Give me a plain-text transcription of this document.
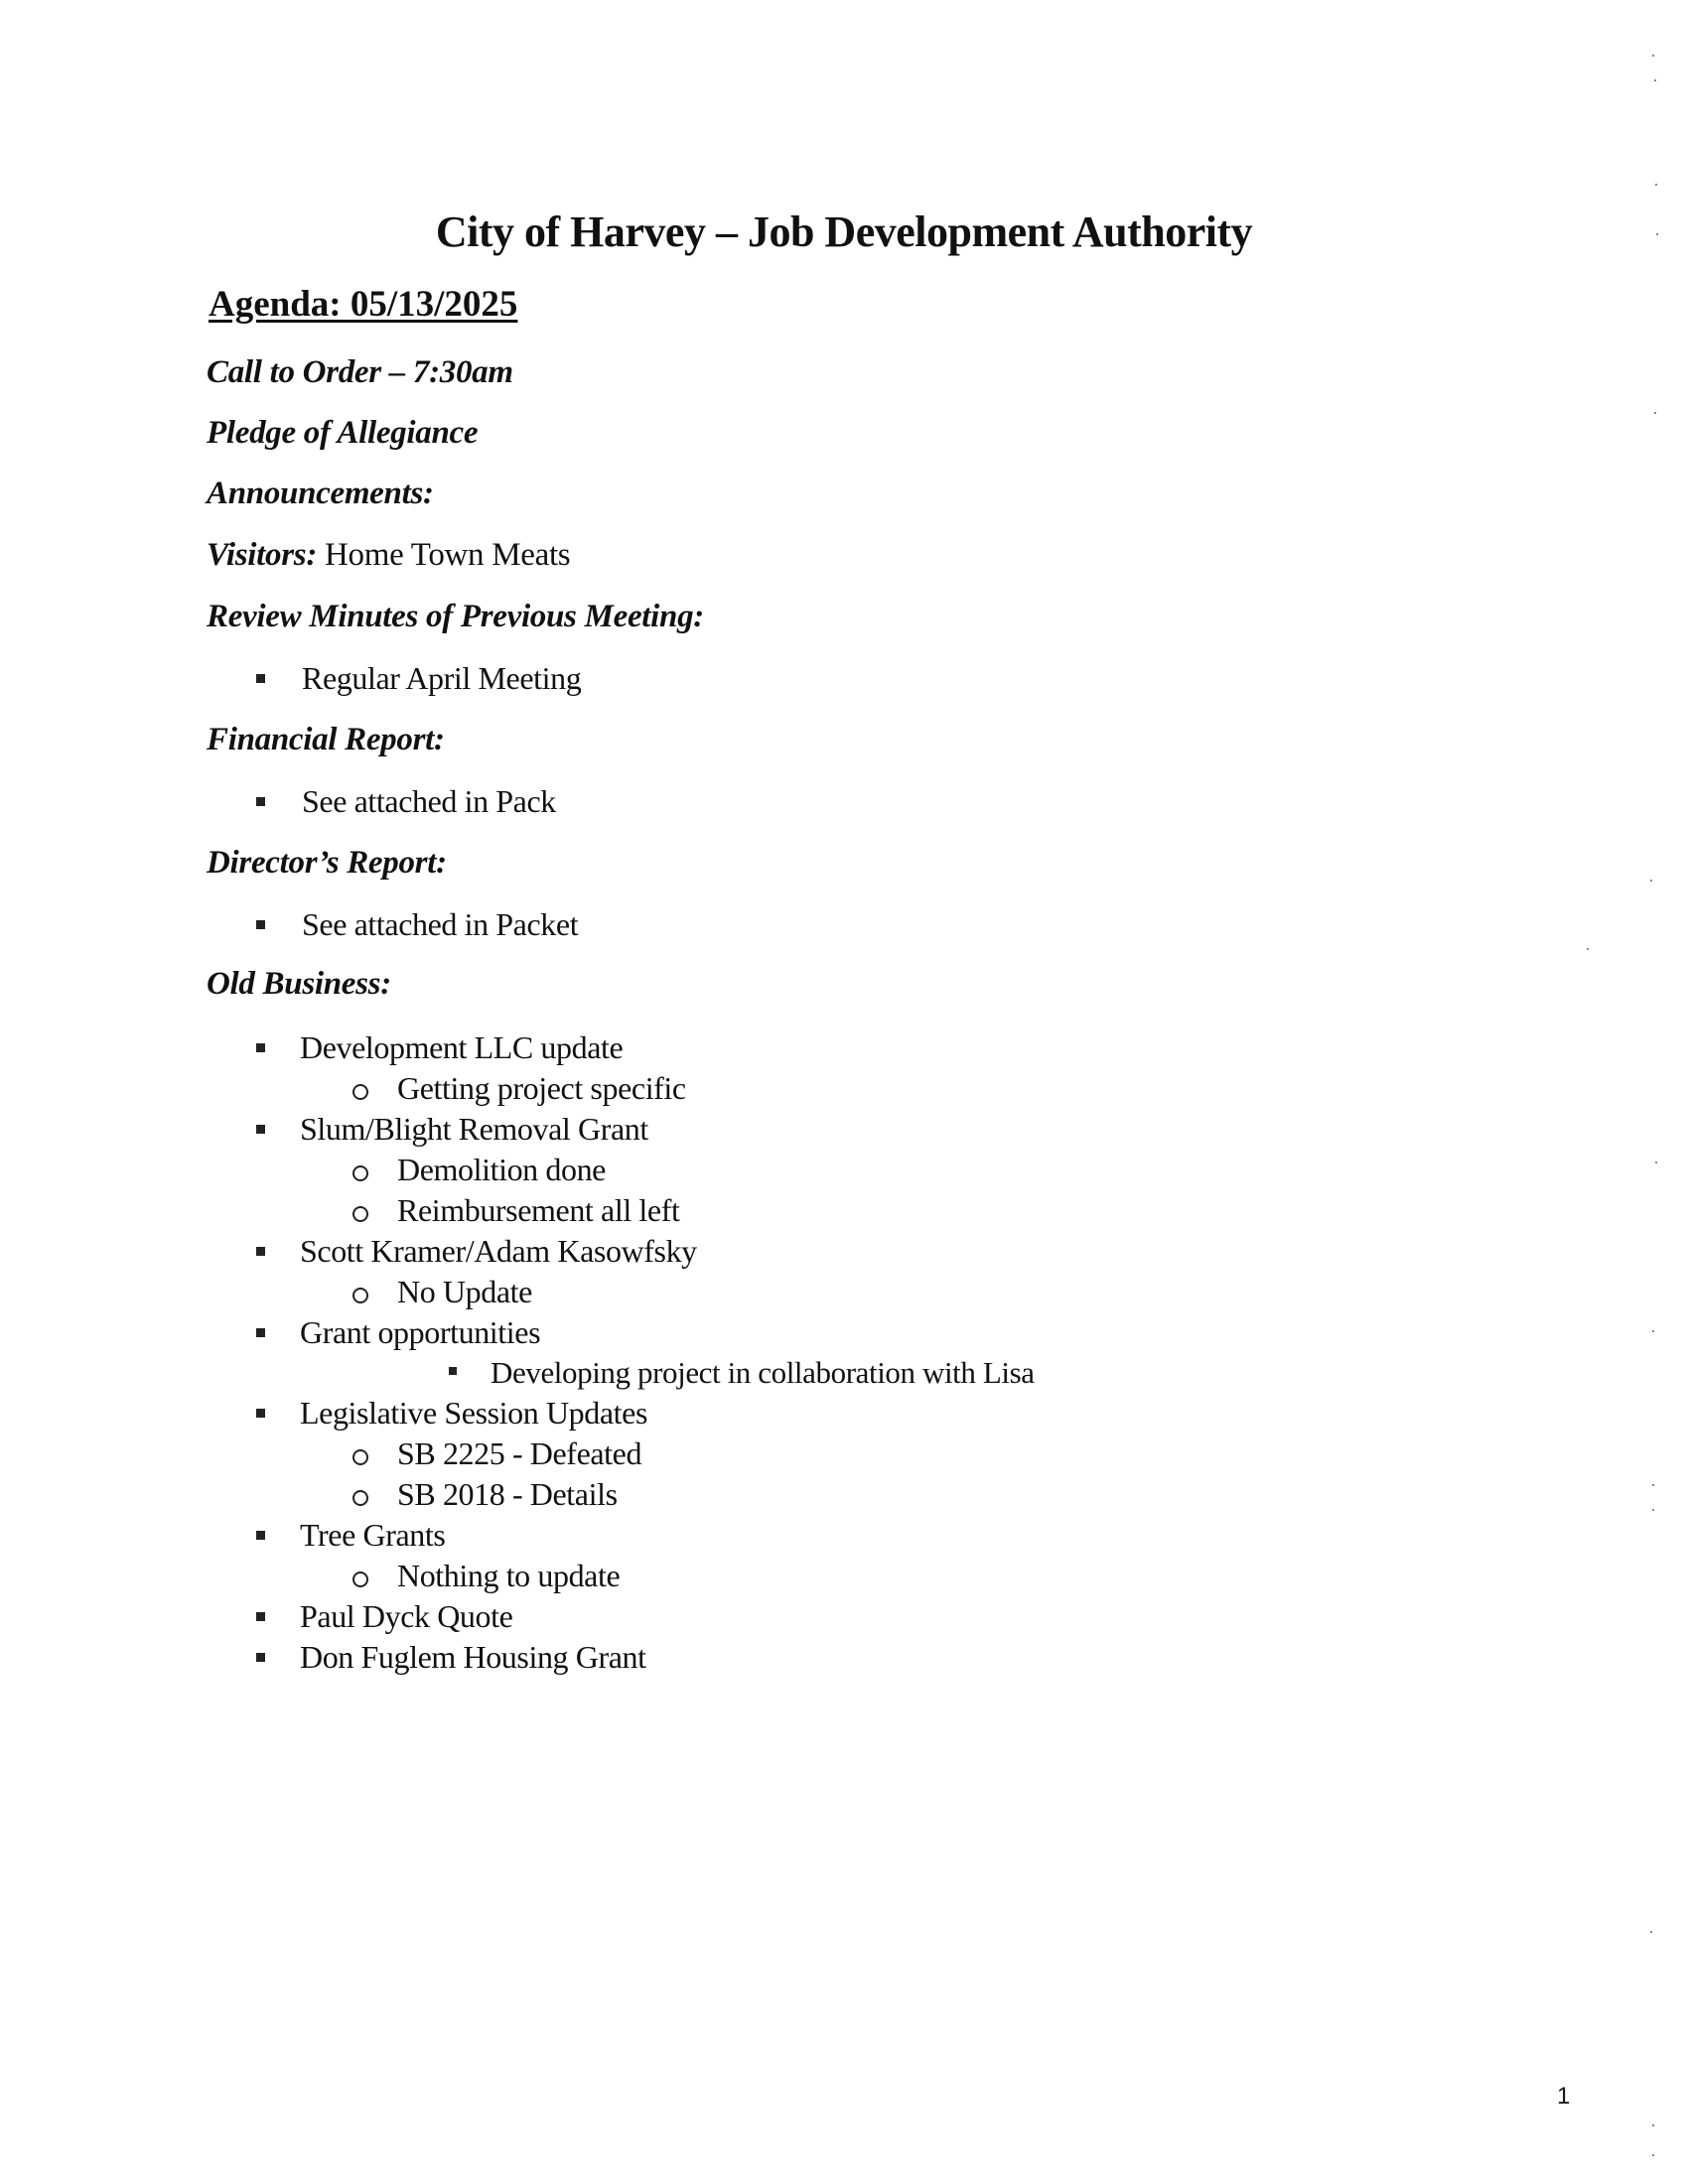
City of Harvey – Job Development Authority
Agenda: 05/13/2025
Call to Order – 7:30am
Pledge of Allegiance
Announcements:
Visitors: Home Town Meats
Review Minutes of Previous Meeting:
Regular April Meeting
Financial Report:
See attached in Pack
Director’s Report:
See attached in Packet
Old Business:
Development LLC update
Getting project specific
Slum/Blight Removal Grant
Demolition done
Reimbursement all left
Scott Kramer/Adam Kasowfsky
No Update
Grant opportunities
Developing project in collaboration with Lisa
Legislative Session Updates
SB 2225 - Defeated
SB 2018 - Details
Tree Grants
Nothing to update
Paul Dyck Quote
Don Fuglem Housing Grant
1
